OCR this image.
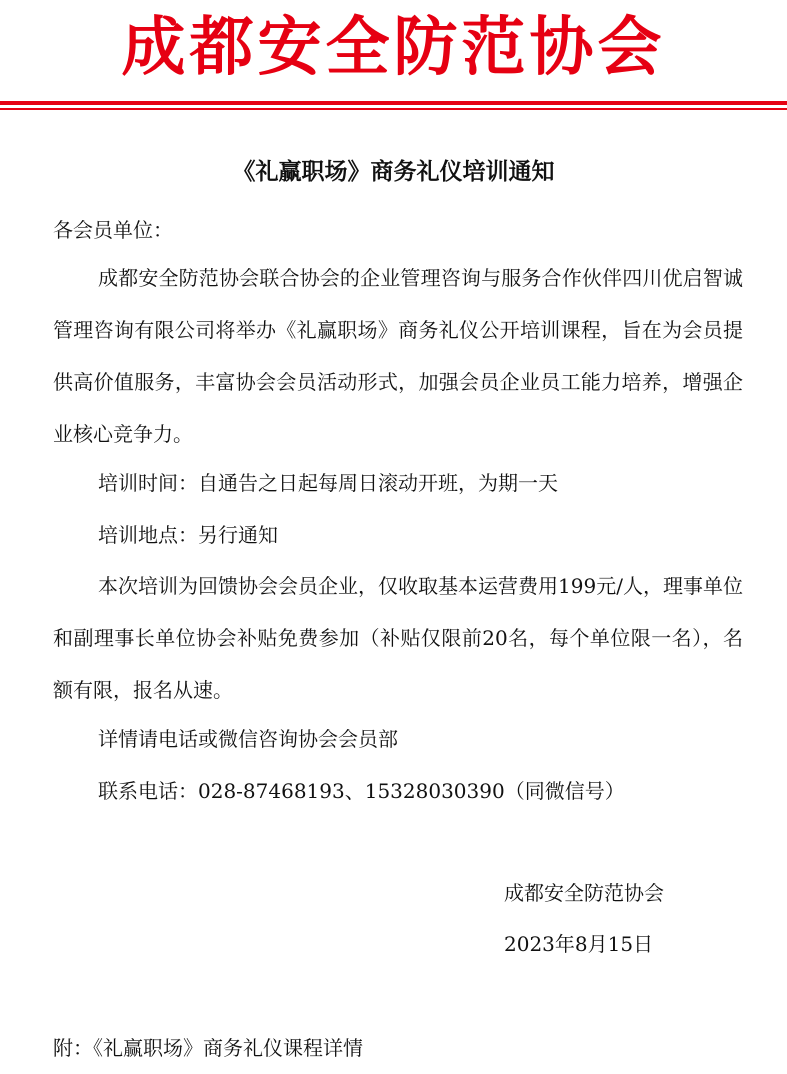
成都安全防范协会
《礼赢职场》商务礼仪培训通知

各会员单位：

成都安全防范协会联合协会的企业管理咨询与服务合作伙伴四川优启智诚管理咨询有限公司将举办《礼赢职场》商务礼仪公开培训课程，旨在为会员提供高价值服务，丰富协会会员活动形式，加强会员企业员工能力培养，增强企业核心竞争力。

培训时间：自通告之日起每周日滚动开班，为期一天

培训地点：另行通知

本次培训为回馈协会会员企业，仅收取基本运营费用199元/人，理事单位和副理事长单位协会补贴免费参加（补贴仅限前20名，每个单位限一名），名额有限，报名从速。

详情请电话或微信咨询协会会员部

联系电话：028-87468193、15328030390（同微信号）

成都安全防范协会
2023年8月15日
附：《礼赢职场》商务礼仪课程详情
